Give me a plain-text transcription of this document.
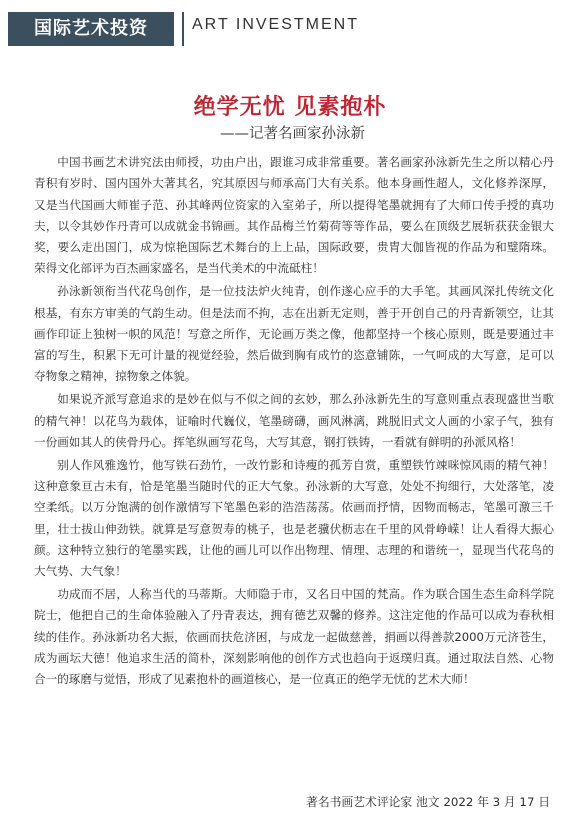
国际艺术投资	ART INVESTMENT
绝学无忧 见素抱朴
——记著名画家孙泳新

中国书画艺术讲究法由师授，功由户出，跟谁习成非常重要。著名画家孙泳新先生之所以精心丹青积有岁时、国内国外大著其名，究其原因与师承高门大有关系。他本身画性超人，文化修养深厚，又是当代国画大师崔子范、孙其峰两位资家的入室弟子，所以提得笔墨就拥有了大师口传手授的真功夫，以令其妙作丹青可以成就金书锦画。其作品梅兰竹菊荷等等作品，要么在顶级艺展斩获获金银大奖，要么走出国门，成为惊艳国际艺术舞台的上上品，国际政要，贵胄大伽皆视的作品为和璧隋珠。荣得文化部评为百杰画家盛名，是当代美术的中流砥柱！

孙泳新领衔当代花鸟创作，是一位技法炉火纯青，创作遂心应手的大手笔。其画风深扎传统文化根基，有东方审美的气韵生动。但是法而不拘，志在出新无定则，善于开创自己的丹青新领空，让其画作印证上独树一帜的风范！写意之所作，无论画万类之像，他都坚持一个核心原则，既是要通过丰富的写生，积累下无可计量的视觉经验，然后做到胸有成竹的恣意铺陈，一气呵成的大写意，足可以夺物象之精神，掠物象之体貌。

如果说齐派写意追求的是妙在似与不似之间的玄妙，那么孙泳新先生的写意则重点表现盛世当歌的精气神！以花鸟为载体，证喻时代巍仪，笔墨磅礴，画风淋漓，跳脱旧式文人画的小家子气，独有一份画如其人的侠骨丹心。挥笔纵画写花鸟，大写其意，钢打铁铸，一看就有鲜明的孙派风格！

别人作风雅逸竹，他写铁石劲竹，一改竹影和诗瘦的孤芳自赏，重塑铁竹竦咪惊风雨的精气神！这种意象亘古未有，恰是笔墨当随时代的正大气象。孙泳新的大写意，处处不拘细行，大处落笔，凌空柔纸。以万分饱满的创作激情写下笔墨色彩的浩浩荡荡。依画而抒情，因物而畅志，笔墨可激三千里，壮士拔山伸劲铁。就算是写意贺寿的桃子，也是老骥伏枥志在千里的风骨峥嵘！让人看得大振心颜。这种特立独行的笔墨实践，让他的画儿可以作出物理、情理、志理的和谐统一，显现当代花鸟的大气势、大气象！

功成而不居，人称当代的马蒂斯。大师隐于市，又名日中国的梵高。作为联合国生态生命科学院院士，他把自己的生命体验融入了丹青表达，拥有德艺双馨的修养。这注定他的作品可以成为春秋相续的佳作。孙泳新功名大振，依画而扶危济困，与成龙一起做慈善，捐画以得善款2000万元济苍生，成为画坛大德！他追求生活的简朴，深刻影响他的创作方式也趋向于返璞归真。通过取法自然、心物合一的琢磨与觉悟，形成了见素抱朴的画道核心，是一位真正的绝学无忧的艺术大师！

著名书画艺术评论家 池文 2022 年 3 月 17 日
